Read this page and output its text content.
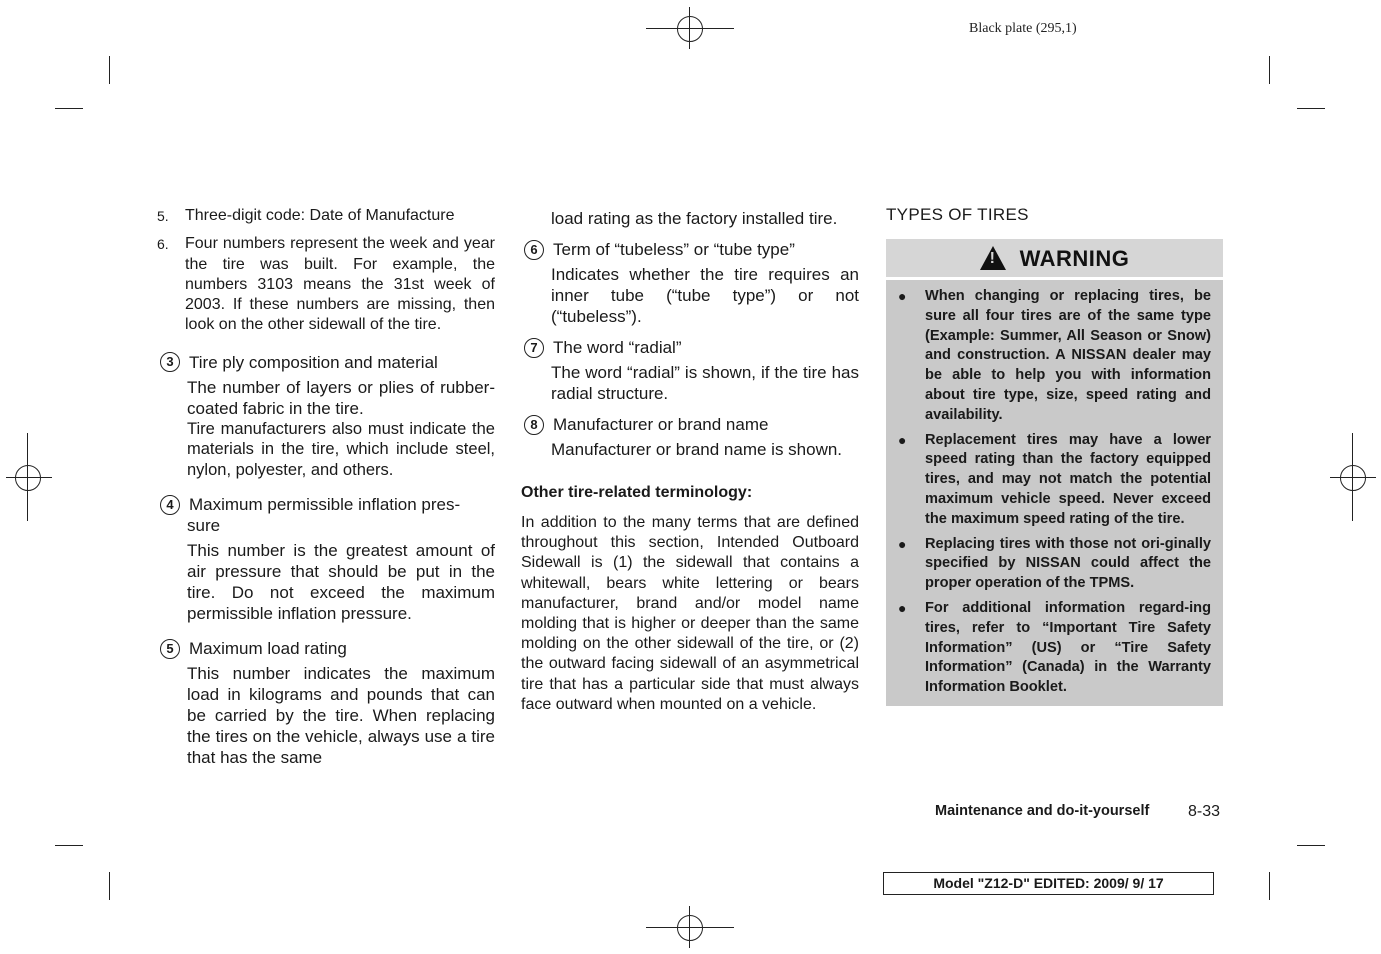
Black plate (295,1)
5.	Three-digit code: Date of Manufacture
6.	Four numbers represent the week and year the tire was built. For example, the numbers 3103 means the 31st week of 2003. If these numbers are missing, then look on the other sidewall of the tire.
3 Tire ply composition and material
The number of layers or plies of rubber-coated fabric in the tire.
Tire manufacturers also must indicate the materials in the tire, which include steel, nylon, polyester, and others.
4 Maximum permissible inflation pres-
sure
This number is the greatest amount of air pressure that should be put in the tire. Do not exceed the maximum permissible inflation pressure.
5 Maximum load rating
This number indicates the maximum load in kilograms and pounds that can be carried by the tire. When replacing the tires on the vehicle, always use a tire that has the same
load rating as the factory installed tire.
6 Term of “tubeless” or “tube type”
Indicates whether the tire requires an inner tube (“tube type”) or not (“tubeless”).
7 The word “radial”
The word “radial” is shown, if the tire has radial structure.
8 Manufacturer or brand name
Manufacturer or brand name is shown.
Other tire-related terminology:
In addition to the many terms that are defined throughout this section, Intended Outboard Sidewall is (1) the sidewall that contains a whitewall, bears white lettering or bears manufacturer, brand and/or model name molding that is higher or deeper than the same molding on the other sidewall of the tire, or (2) the outward facing sidewall of an asymmetrical tire that has a particular side that must always face outward when mounted on a vehicle.
TYPES OF TIRES
! WARNING
●	When changing or replacing tires, be sure all four tires are of the same type (Example: Summer, All Season or Snow) and construction. A NISSAN dealer may be able to help you with information about tire type, size, speed rating and availability.
●	Replacement tires may have a lower speed rating than the factory equipped tires, and may not match the potential maximum vehicle speed. Never exceed the maximum speed rating of the tire.
●	Replacing tires with those not ori-ginally specified by NISSAN could affect the proper operation of the TPMS.
●	For additional information regard-ing tires, refer to “Important Tire Safety Information” (US) or “Tire Safety Information” (Canada) in the Warranty Information Booklet.
Maintenance and do-it-yourself 8-33
Model "Z12-D" EDITED: 2009/ 9/ 17
